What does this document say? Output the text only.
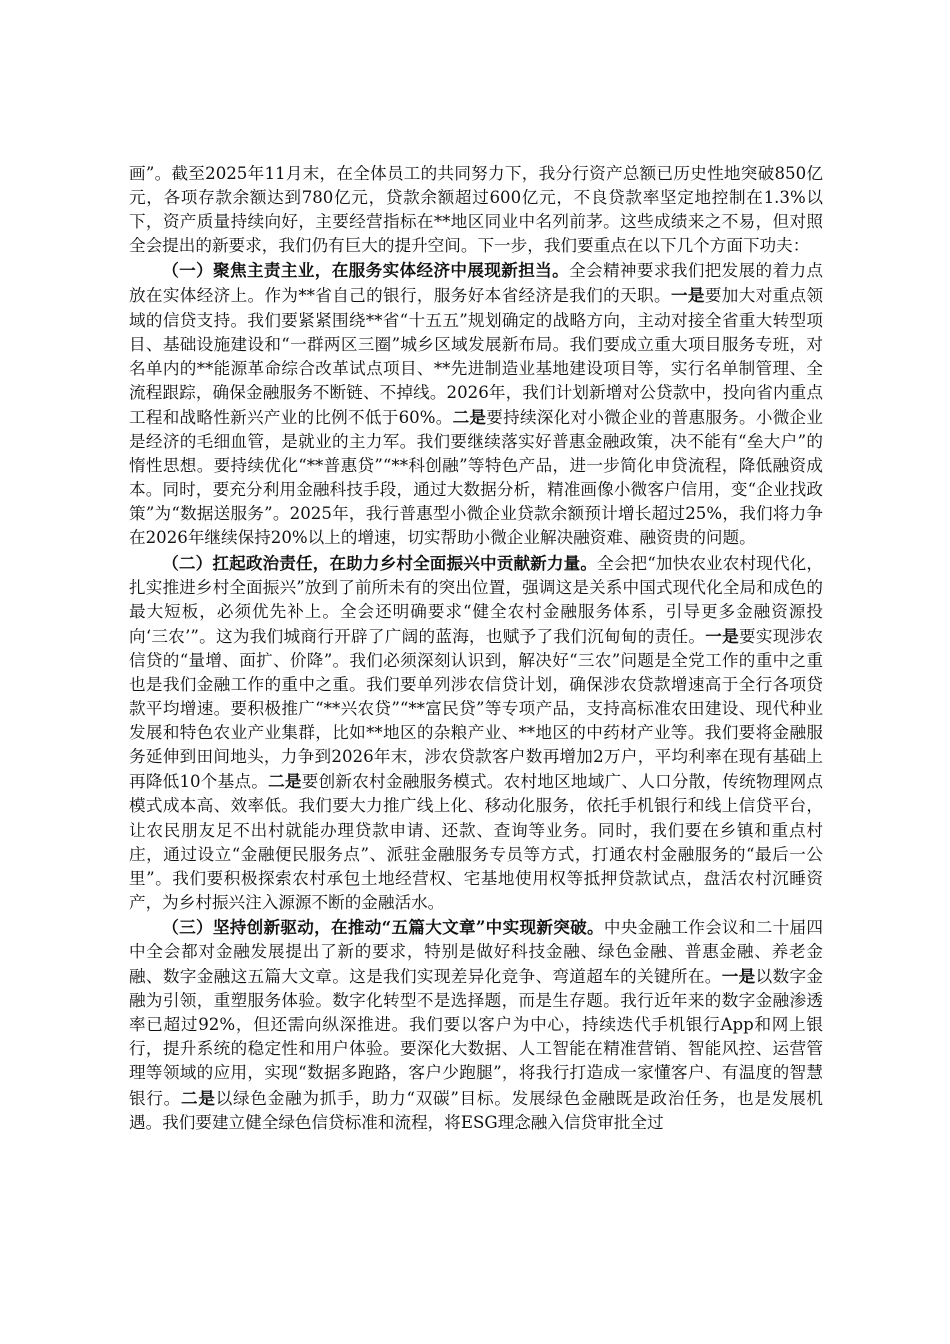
画”。截至2025年11月末，在全体员工的共同努力下，我分行资产总额已历史性地突破850亿元，各项存款余额达到780亿元，贷款余额超过600亿元，不良贷款率坚定地控制在1.3%以下，资产质量持续向好，主要经营指标在**地区同业中名列前茅。这些成绩来之不易，但对照全会提出的新要求，我们仍有巨大的提升空间。下一步，我们要重点在以下几个方面下功夫：

（一）聚焦主责主业，在服务实体经济中展现新担当。全会精神要求我们把发展的着力点放在实体经济上。作为**省自己的银行，服务好本省经济是我们的天职。一是要加大对重点领域的信贷支持。我们要紧紧围绕**省“十五五”规划确定的战略方向，主动对接全省重大转型项目、基础设施建设和“一群两区三圈”城乡区域发展新布局。我们要成立重大项目服务专班，对名单内的**能源革命综合改革试点项目、**先进制造业基地建设项目等，实行名单制管理、全流程跟踪，确保金融服务不断链、不掉线。2026年，我们计划新增对公贷款中，投向省内重点工程和战略性新兴产业的比例不低于60%。二是要持续深化对小微企业的普惠服务。小微企业是经济的毛细血管，是就业的主力军。我们要继续落实好普惠金融政策，决不能有“垒大户”的惰性思想。要持续优化“**普惠贷”“**科创融”等特色产品，进一步简化申贷流程，降低融资成本。同时，要充分利用金融科技手段，通过大数据分析，精准画像小微客户信用，变“企业找政策”为“数据送服务”。2025年，我行普惠型小微企业贷款余额预计增长超过25%，我们将力争在2026年继续保持20%以上的增速，切实帮助小微企业解决融资难、融资贵的问题。

（二）扛起政治责任，在助力乡村全面振兴中贡献新力量。全会把“加快农业农村现代化，扎实推进乡村全面振兴”放到了前所未有的突出位置，强调这是关系中国式现代化全局和成色的最大短板，必须优先补上。全会还明确要求“健全农村金融服务体系，引导更多金融资源投向‘三农’”。这为我们城商行开辟了广阔的蓝海，也赋予了我们沉甸甸的责任。一是要实现涉农信贷的“量增、面扩、价降”。我们必须深刻认识到，解决好“三农”问题是全党工作的重中之重也是我们金融工作的重中之重。我们要单列涉农信贷计划，确保涉农贷款增速高于全行各项贷款平均增速。要积极推广“**兴农贷”“**富民贷”等专项产品，支持高标准农田建设、现代种业发展和特色农业产业集群，比如**地区的杂粮产业、**地区的中药材产业等。我们要将金融服务延伸到田间地头，力争到2026年末，涉农贷款客户数再增加2万户，平均利率在现有基础上再降低10个基点。二是要创新农村金融服务模式。农村地区地域广、人口分散，传统物理网点模式成本高、效率低。我们要大力推广线上化、移动化服务，依托手机银行和线上信贷平台，让农民朋友足不出村就能办理贷款申请、还款、查询等业务。同时，我们要在乡镇和重点村庄，通过设立“金融便民服务点”、派驻金融服务专员等方式，打通农村金融服务的“最后一公里”。我们要积极探索农村承包土地经营权、宅基地使用权等抵押贷款试点，盘活农村沉睡资产，为乡村振兴注入源源不断的金融活水。

（三）坚持创新驱动，在推动“五篇大文章”中实现新突破。中央金融工作会议和二十届四中全会都对金融发展提出了新的要求，特别是做好科技金融、绿色金融、普惠金融、养老金融、数字金融这五篇大文章。这是我们实现差异化竞争、弯道超车的关键所在。一是以数字金融为引领，重塑服务体验。数字化转型不是选择题，而是生存题。我行近年来的数字金融渗透率已超过92%，但还需向纵深推进。我们要以客户为中心，持续迭代手机银行App和网上银行，提升系统的稳定性和用户体验。要深化大数据、人工智能在精准营销、智能风控、运营管理等领域的应用，实现“数据多跑路，客户少跑腿”，将我行打造成一家懂客户、有温度的智慧银行。二是以绿色金融为抓手，助力“双碳”目标。发展绿色金融既是政治任务，也是发展机遇。我们要建立健全绿色信贷标准和流程，将ESG理念融入信贷审批全过
